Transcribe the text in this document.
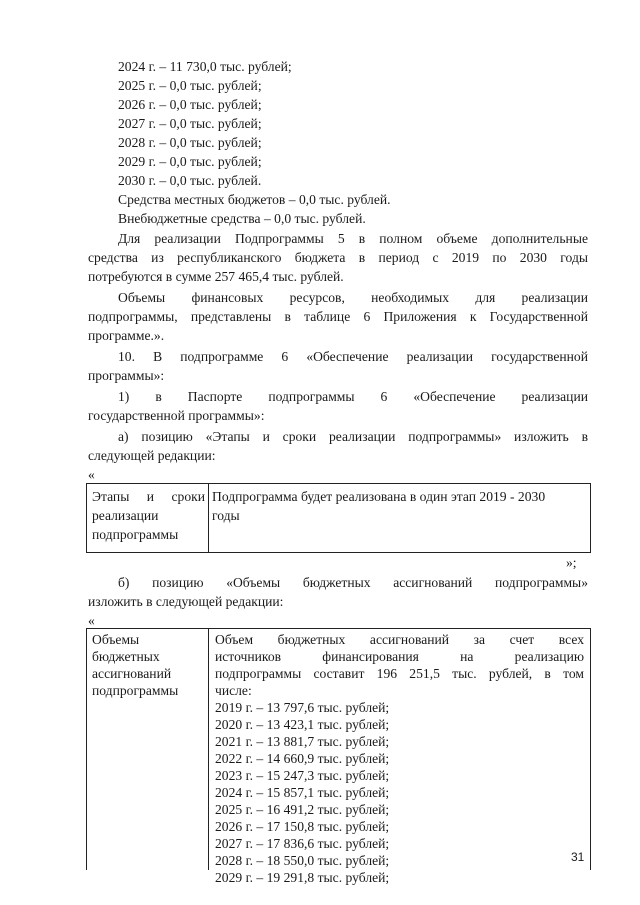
2024 г. – 11 730,0 тыс. рублей;
2025 г. – 0,0 тыс. рублей;
2026 г. – 0,0 тыс. рублей;
2027 г. – 0,0 тыс. рублей;
2028 г. – 0,0 тыс. рублей;
2029 г. – 0,0 тыс. рублей;
2030 г. – 0,0 тыс. рублей.
Средства местных бюджетов – 0,0 тыс. рублей.
Внебюджетные средства – 0,0 тыс. рублей.
Для реализации Подпрограммы 5 в полном объеме дополнительные
средства из республиканского бюджета в период с 2019 по 2030 годы
потребуются в сумме 257 465,4 тыс. рублей.
Объемы финансовых ресурсов, необходимых для реализации
подпрограммы, представлены в таблице 6 Приложения к Государственной
программе.».
10. В подпрограмме 6 «Обеспечение реализации государственной
программы»:
1) в Паспорте подпрограммы 6 «Обеспечение реализации
государственной программы»:
а) позицию «Этапы и сроки реализации подпрограммы» изложить в
следующей редакции:
«
Этапы и сроки
реализации
подпрограммы
Подпрограмма будет реализована в один этап 2019 - 2030
годы
»;
б) позицию «Объемы бюджетных ассигнований подпрограммы»
изложить в следующей редакции:
«
Объемы
бюджетных
ассигнований
подпрограммы
Объем бюджетных ассигнований за счет всех
источников финансирования на реализацию
подпрограммы составит 196 251,5 тыс. рублей, в том
числе:
2019 г. – 13 797,6 тыс. рублей;
2020 г. – 13 423,1 тыс. рублей;
2021 г. – 13 881,7 тыс. рублей;
2022 г. – 14 660,9 тыс. рублей;
2023 г. – 15 247,3 тыс. рублей;
2024 г. – 15 857,1 тыс. рублей;
2025 г. – 16 491,2 тыс. рублей;
2026 г. – 17 150,8 тыс. рублей;
2027 г. – 17 836,6 тыс. рублей;
2028 г. – 18 550,0 тыс. рублей;
2029 г. – 19 291,8 тыс. рублей;
31
